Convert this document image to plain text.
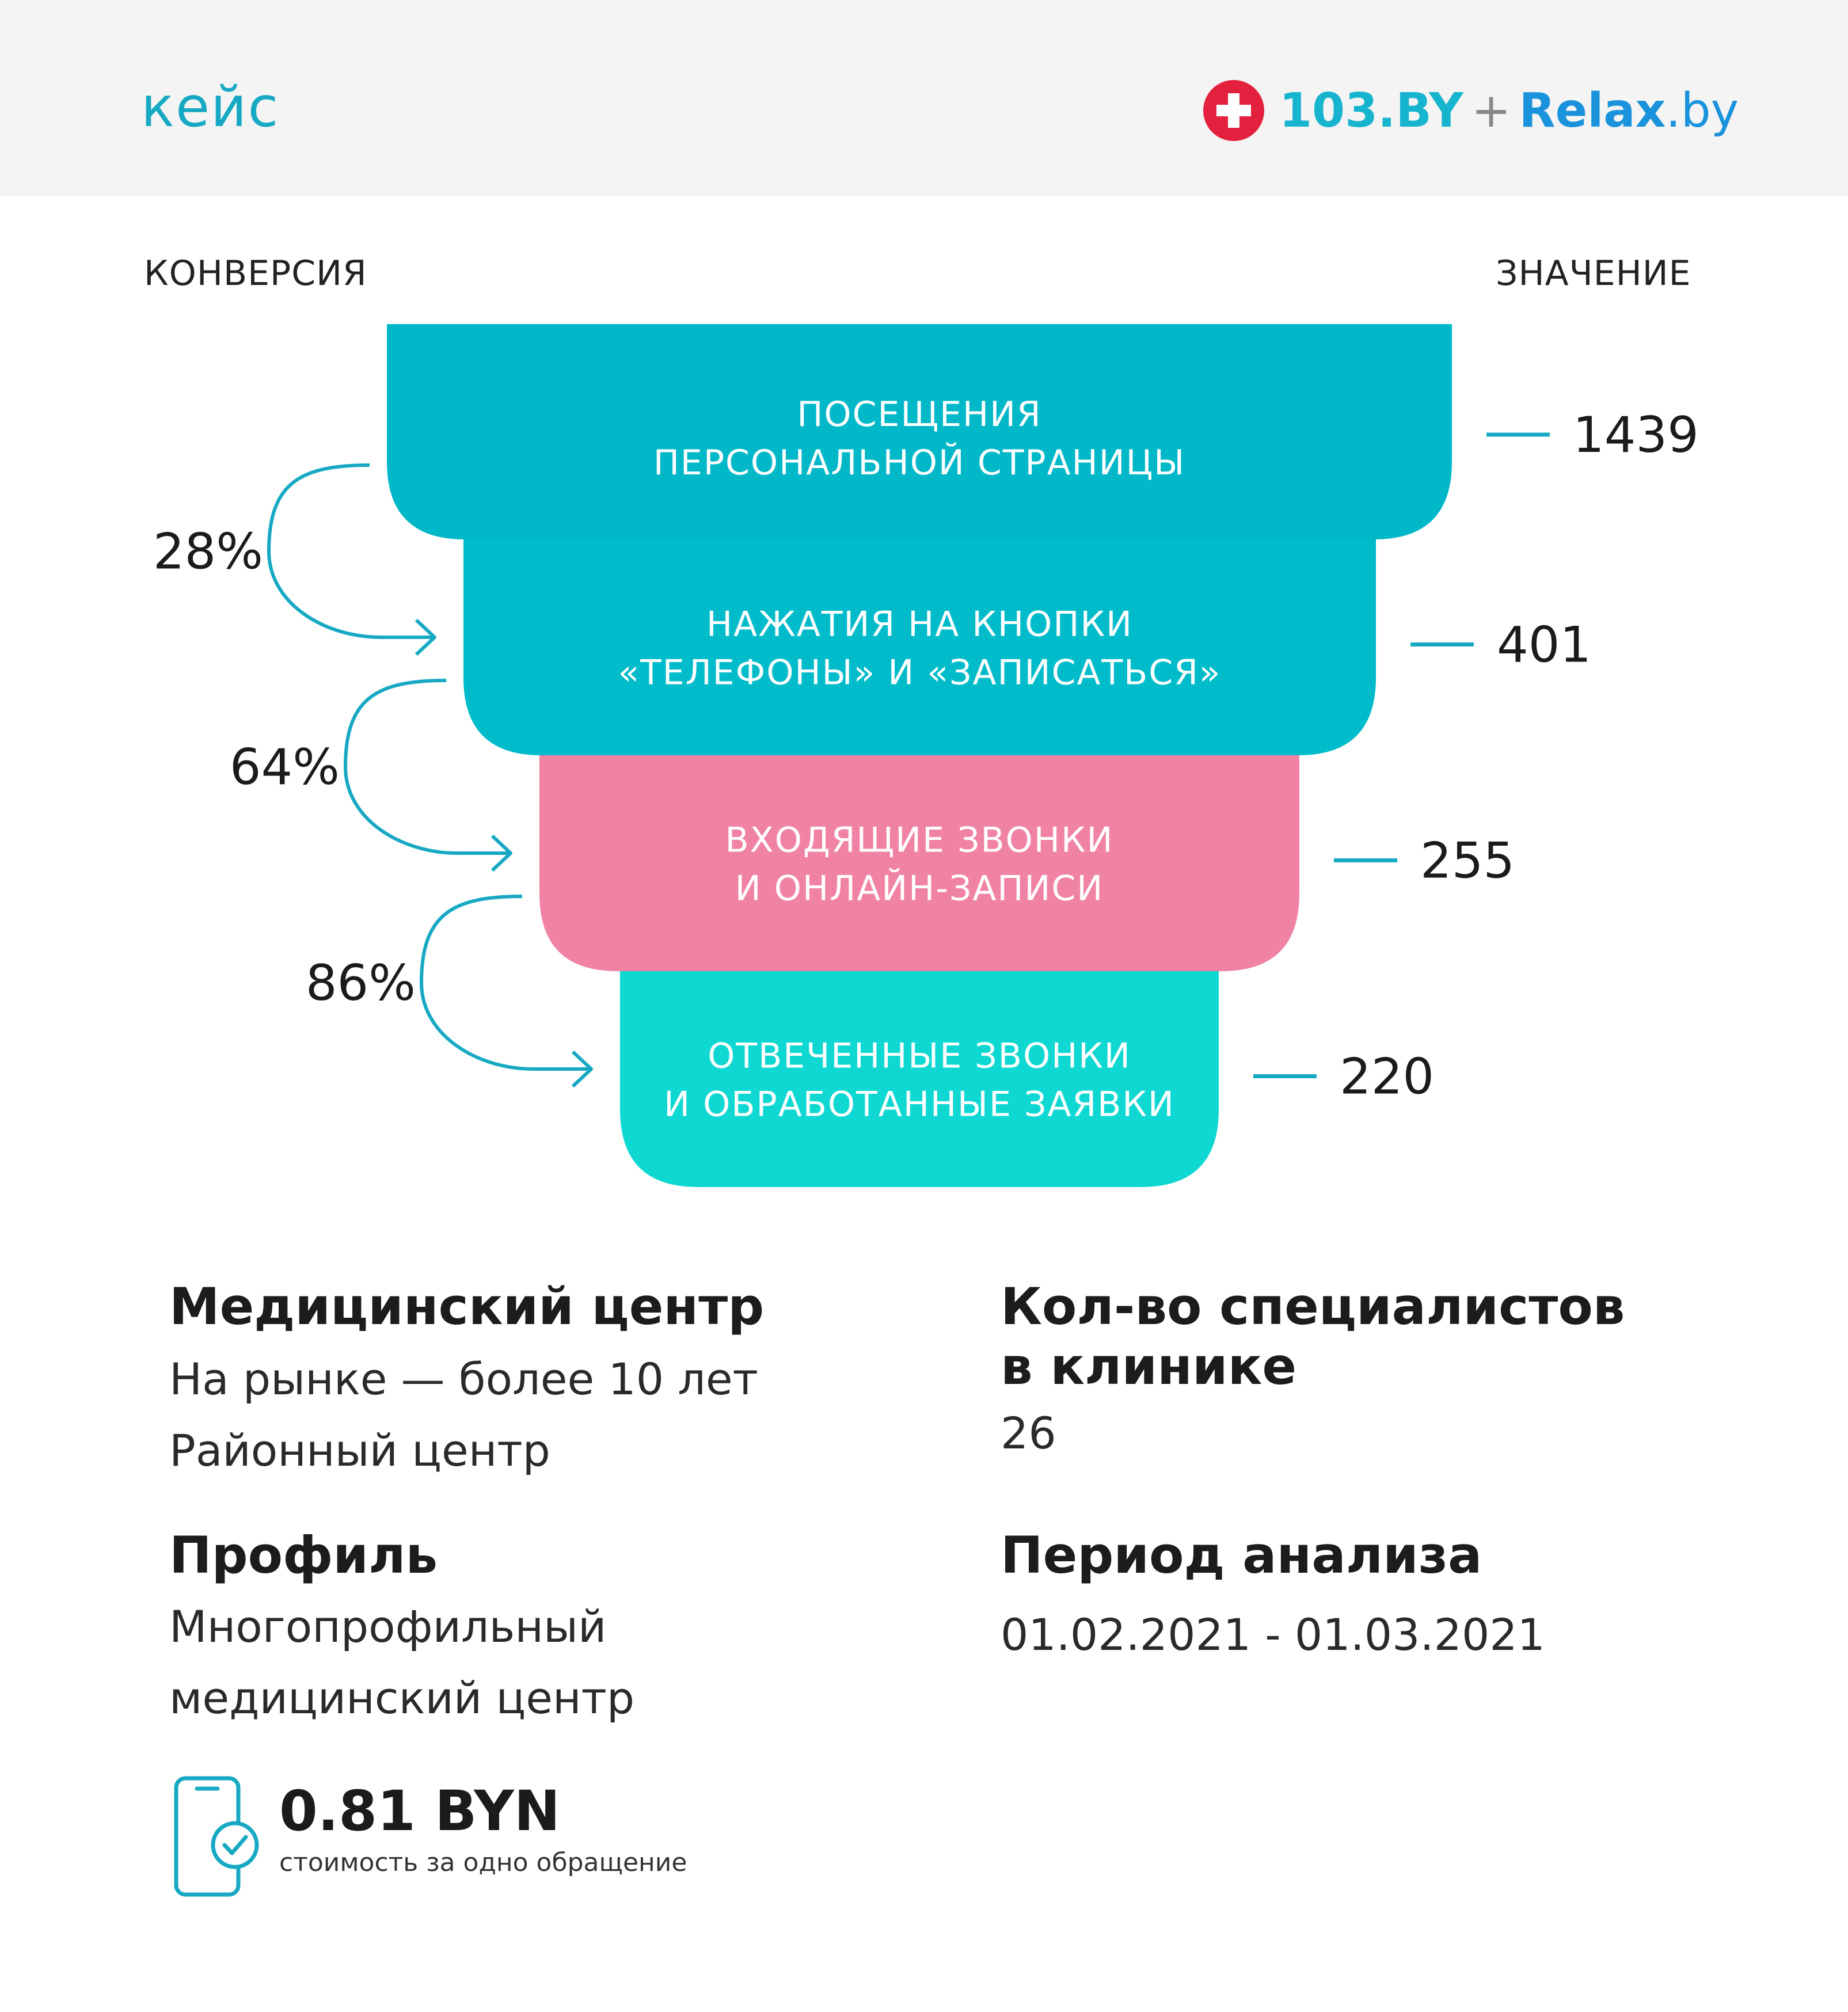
кейс	103.BY + Relax .by
КОНВЕРСИЯ	ЗНАЧЕНИЕ
ОТВЕЧЕННЫЕ ЗВОНКИ
И ОБРАБОТАННЫЕ ЗАЯВКИ	220
ВХОДЯЩИЕ ЗВОНКИ
И ОНЛАЙН-ЗАПИСИ	255
НАЖАТИЯ НА КНОПКИ
«ТЕЛЕФОНЫ» И «ЗАПИСАТЬСЯ»	401
ПОСЕЩЕНИЯ
ПЕРСОНАЛЬНОЙ СТРАНИЦЫ	1439
28%
64%
86%
Медицинский центр
На рынке — более 10 лет
Районный центр
Кол-во специалистов
в клинике
26
Профиль
Многопрофильный
медицинский центр
Период анализа
01.02.2021 - 01.03.2021
0.81 BYN
стоимость за одно обращение
